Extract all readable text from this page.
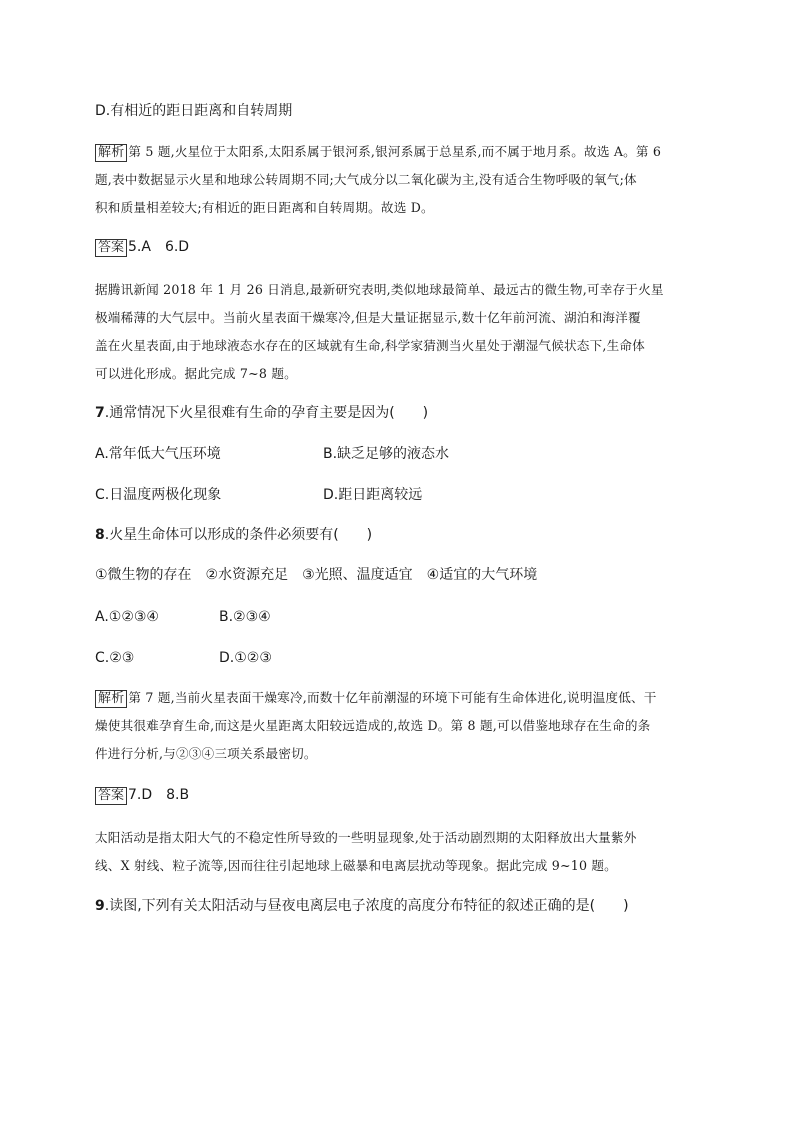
D.有相近的距日距离和自转周期
解析 第 5 题,火星位于太阳系,太阳系属于银河系,银河系属于总星系,而不属于地月系。故选 A。第 6
题,表中数据显示火星和地球公转周期不同;大气成分以二氧化碳为主,没有适合生物呼吸的氧气;体
积和质量相差较大;有相近的距日距离和自转周期。故选 D。
答案 5.A　6.D
据腾讯新闻 2018 年 1 月 26 日消息,最新研究表明,类似地球最简单、最远古的微生物,可幸存于火星
极端稀薄的大气层中。当前火星表面干燥寒冷,但是大量证据显示,数十亿年前河流、湖泊和海洋覆
盖在火星表面,由于地球液态水存在的区域就有生命,科学家猜测当火星处于潮湿气候状态下,生命体
可以进化形成。据此完成 7~8 题。
7.通常情况下火星很难有生命的孕育主要是因为(　　)
A.常年低大气压环境	B.缺乏足够的液态水
C.日温度两极化现象	D.距日距离较远
8.火星生命体可以形成的条件必须要有(　　)
①微生物的存在　②水资源充足　③光照、温度适宜　④适宜的大气环境
A.①②③④	B.②③④
C.②③	D.①②③
解析 第 7 题,当前火星表面干燥寒冷,而数十亿年前潮湿的环境下可能有生命体进化,说明温度低、干
燥使其很难孕育生命,而这是火星距离太阳较远造成的,故选 D。第 8 题,可以借鉴地球存在生命的条
件进行分析,与②③④三项关系最密切。
答案 7.D　8.B
太阳活动是指太阳大气的不稳定性所导致的一些明显现象,处于活动剧烈期的太阳释放出大量紫外
线、X 射线、粒子流等,因而往往引起地球上磁暴和电离层扰动等现象。据此完成 9~10 题。
9.读图,下列有关太阳活动与昼夜电离层电子浓度的高度分布特征的叙述正确的是(　　)
